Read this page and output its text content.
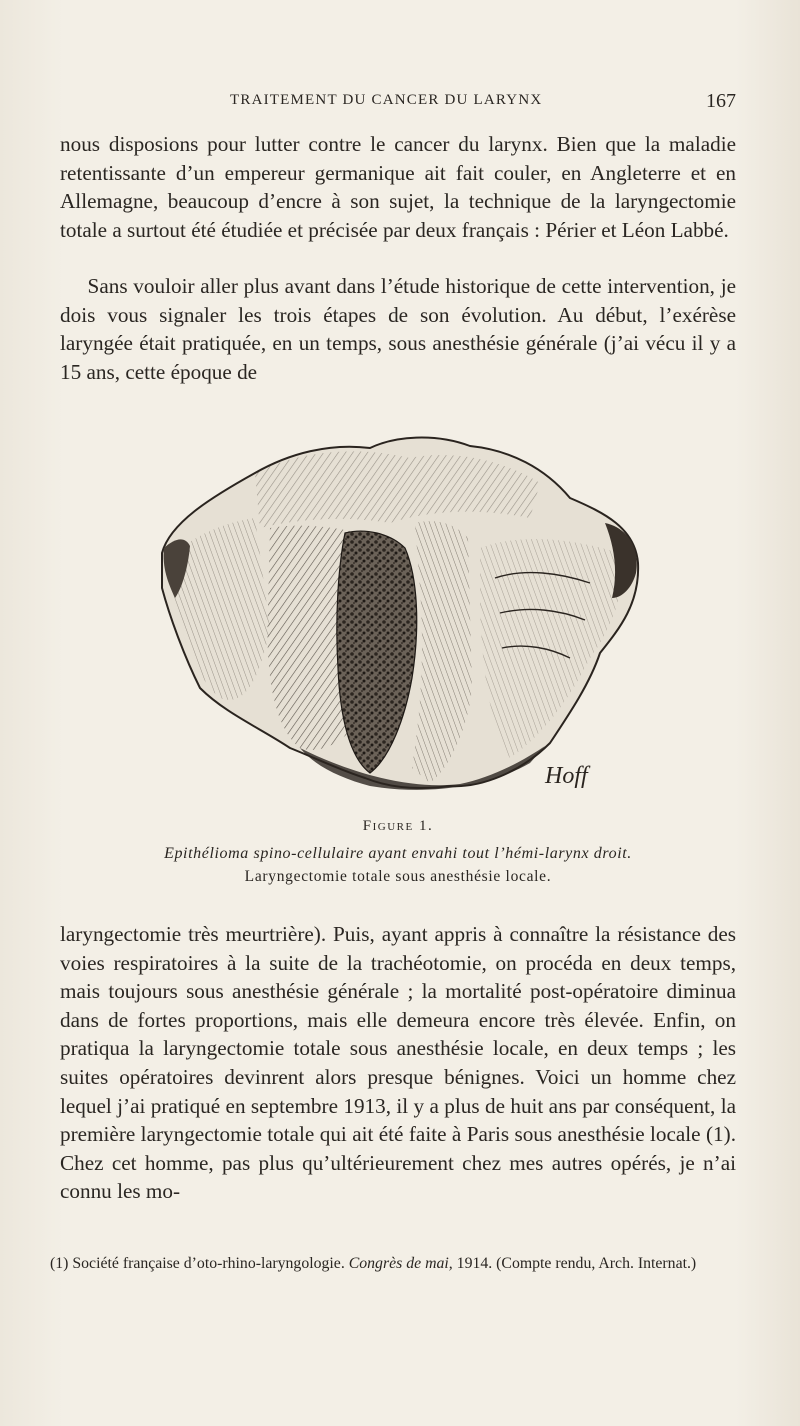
TRAITEMENT DU CANCER DU LARYNX	167

nous disposions pour lutter contre le cancer du larynx. Bien que la maladie retentissante d’un empereur germanique ait fait couler, en Angleterre et en Allemagne, beaucoup d’encre à son sujet, la technique de la laryngectomie totale a surtout été étudiée et précisée par deux français : Périer et Léon Labbé.

Sans vouloir aller plus avant dans l’étude historique de cette intervention, je dois vous signaler les trois étapes de son évolution. Au début, l’exérèse laryngée était pratiquée, en un temps, sous anesthésie générale (j’ai vécu il y a 15 ans, cette époque de

Hoff
Figure 1.
Epithélioma spino-cellulaire ayant envahi tout l’hémi-larynx droit.
Laryngectomie totale sous anesthésie locale.

laryngectomie très meurtrière). Puis, ayant appris à connaître la résistance des voies respiratoires à la suite de la trachéotomie, on procéda en deux temps, mais toujours sous anesthésie générale ; la mortalité post-opératoire diminua dans de fortes proportions, mais elle demeura encore très élevée. Enfin, on pratiqua la laryngectomie totale sous anesthésie locale, en deux temps ; les suites opératoires devinrent alors presque bénignes. Voici un homme chez lequel j’ai pratiqué en septembre 1913, il y a plus de huit ans par conséquent, la première laryngectomie totale qui ait été faite à Paris sous anesthésie locale (1). Chez cet homme, pas plus qu’ultérieurement chez mes autres opérés, je n’ai connu les mo-

(1) Société française d’oto-rhino-laryngologie. Congrès de mai, 1914. (Compte rendu, Arch. Internat.)
